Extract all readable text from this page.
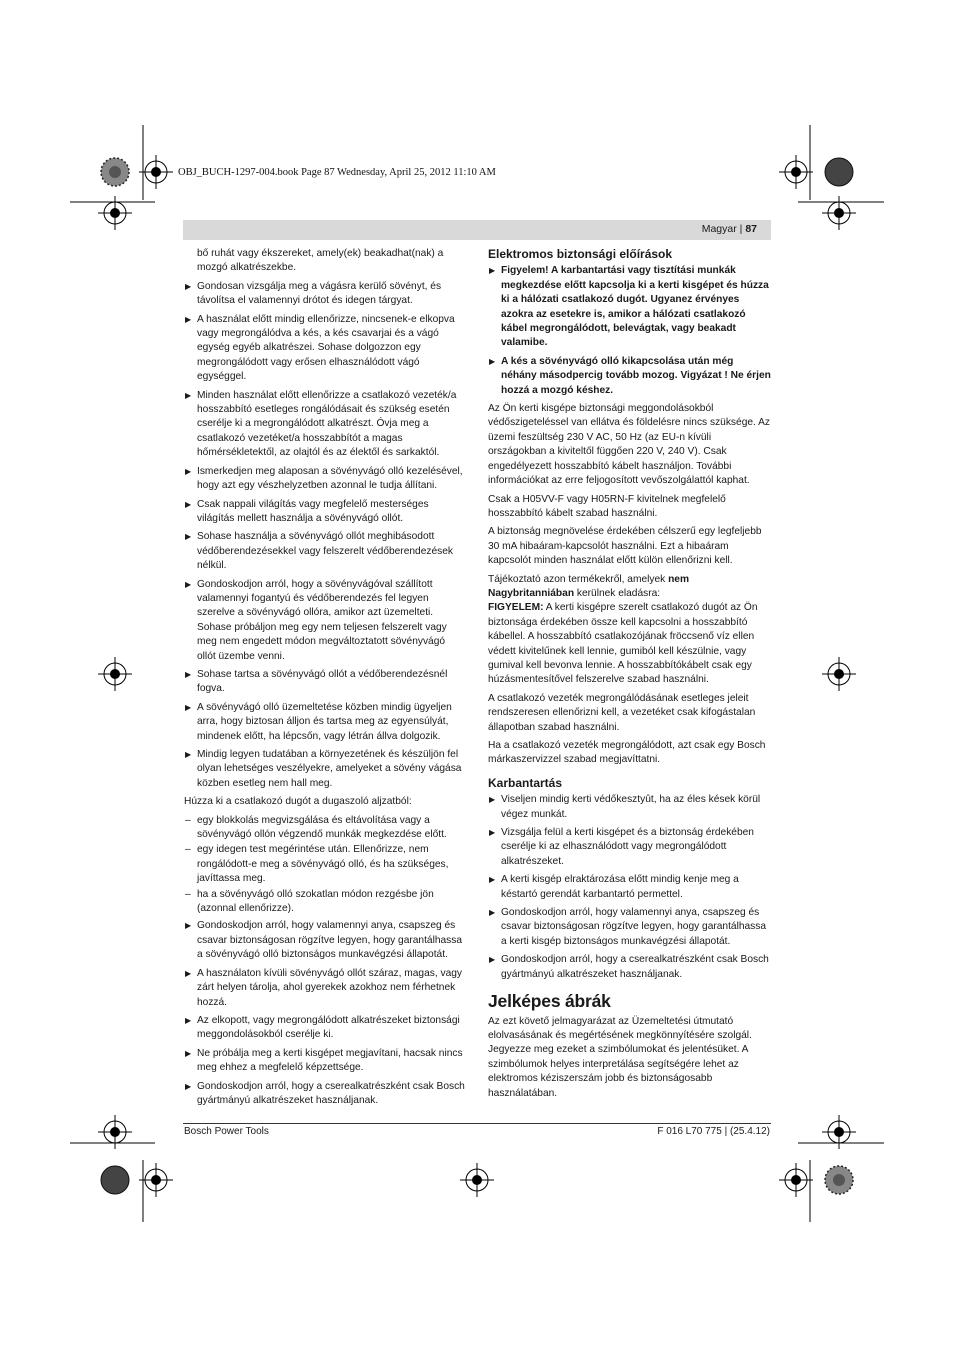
OBJ_BUCH-1297-004.book Page 87 Wednesday, April 25, 2012 11:10 AM
Magyar | 87

bő ruhát vagy ékszereket, amely(ek) beakadhat(nak) a mozgó alkatrészekbe.

▶ Gondosan vizsgálja meg a vágásra kerülő sövényt, és távolítsa el valamennyi drótot és idegen tárgyat.
▶ A használat előtt mindig ellenőrizze, nincsenek-e elkopva vagy megrongálódva a kés, a kés csavarjai és a vágó egység egyéb alkatrészei. Sohase dolgozzon egy megrongálódott vagy erősen elhasználódott vágó egységgel.
▶ Minden használat előtt ellenőrizze a csatlakozó vezeték/a hosszabbító esetleges rongálódásait és szükség esetén cserélje ki a megrongálódott alkatrészt. Óvja meg a csatlakozó vezetéket/a hosszabbítót a magas hőmérsékletektől, az olajtól és az élektől és sarkaktól.
▶ Ismerkedjen meg alaposan a sövényvágó olló kezelésével, hogy azt egy vészhelyzetben azonnal le tudja állítani.
▶ Csak nappali világítás vagy megfelelő mesterséges világítás mellett használja a sövényvágó ollót.
▶ Sohase használja a sövényvágó ollót meghibásodott védőberendezésekkel vagy felszerelt védőberendezések nélkül.
▶ Gondoskodjon arról, hogy a sövényvágóval szállított valamennyi fogantyú és védőberendezés fel legyen szerelve a sövényvágó ollóra, amikor azt üzemelteti. Sohase próbáljon meg egy nem teljesen felszerelt vagy meg nem engedett módon megváltoztatott sövényvágó ollót üzembe venni.
▶ Sohase tartsa a sövényvágó ollót a védőberendezésnél fogva.
▶ A sövényvágó olló üzemeltetése közben mindig ügyeljen arra, hogy biztosan álljon és tartsa meg az egyensúlyát, mindenek előtt, ha lépcsőn, vagy létrán állva dolgozik.
▶ Mindig legyen tudatában a környezetének és készüljön fel olyan lehetséges veszélyekre, amelyeket a sövény vágása közben esetleg nem hall meg.

Húzza ki a csatlakozó dugót a dugaszoló aljzatból:

– egy blokkolás megvizsgálása és eltávolítása vagy a sövényvágó ollón végzendő munkák megkezdése előtt.
– egy idegen test megérintése után. Ellenőrizze, nem rongálódott-e meg a sövényvágó olló, és ha szükséges, javíttassa meg.
– ha a sövényvágó olló szokatlan módon rezgésbe jön (azonnal ellenőrizze).
▶ Gondoskodjon arról, hogy valamennyi anya, csapszeg és csavar biztonságosan rögzítve legyen, hogy garantálhassa a sövényvágó olló biztonságos munkavégzési állapotát.
▶ A használaton kívüli sövényvágó ollót száraz, magas, vagy zárt helyen tárolja, ahol gyerekek azokhoz nem férhetnek hozzá.
▶ Az elkopott, vagy megrongálódott alkatrészeket biztonsági meggondolásokból cserélje ki.
▶ Ne próbálja meg a kerti kisgépet megjavítani, hacsak nincs meg ehhez a megfelelő képzettsége.
▶ Gondoskodjon arról, hogy a cserealkatrészként csak Bosch gyártmányú alkatrészeket használjanak.
Elektromos biztonsági előírások
▶ Figyelem! A karbantartási vagy tisztítási munkák megkezdése előtt kapcsolja ki a kerti kisgépet és húzza ki a hálózati csatlakozó dugót. Ugyanez érvényes azokra az esetekre is, amikor a hálózati csatlakozó kábel megrongálódott, belevágtak, vagy beakadt valamibe.
▶ A kés a sövényvágó olló kikapcsolása után még néhány másodpercig tovább mozog. Vigyázat ! Ne érjen hozzá a mozgó késhez.

Az Ön kerti kisgépe biztonsági meggondolásokból védőszigeteléssel van ellátva és földelésre nincs szüksége. Az üzemi feszültség 230 V AC, 50 Hz (az EU-n kívüli országokban a kiviteltől függően 220 V, 240 V). Csak engedélyezett hosszabbító kábelt használjon. További információkat az erre feljogosított vevőszolgálattól kaphat.

Csak a H05VV-F vagy H05RN-F kivitelnek megfelelő hosszabbító kábelt szabad használni.

A biztonság megnövelése érdekében célszerű egy legfeljebb 30 mA hibaáram-kapcsolót használni. Ezt a hibaáram kapcsolót minden használat előtt külön ellenőrizni kell.

Tájékoztató azon termékekről, amelyek nem Nagybritanniában kerülnek eladásra:

FIGYELEM: A kerti kisgépre szerelt csatlakozó dugót az Ön biztonsága érdekében össze kell kapcsolni a hosszabbító kábellel. A hosszabbító csatlakozójának fröccsenő víz ellen védett kivitelűnek kell lennie, gumiból kell készülnie, vagy gumival kell bevonva lennie. A hosszabbítókábelt csak egy húzásmentesítővel felszerelve szabad használni.

A csatlakozó vezeték megrongálódásának esetleges jeleit rendszeresen ellenőrizni kell, a vezetéket csak kifogástalan állapotban szabad használni.

Ha a csatlakozó vezeték megrongálódott, azt csak egy Bosch márkaszervizzel szabad megjavíttatni.

Karbantartás
▶ Viseljen mindig kerti védőkesztyût, ha az éles kések körül végez munkát.
▶ Vizsgálja felül a kerti kisgépet és a biztonság érdekében cserélje ki az elhasználódott vagy megrongálódott alkatrészeket.
▶ A kerti kisgép elraktározása előtt mindig kenje meg a késtartó gerendát karbantartó permettel.
▶ Gondoskodjon arról, hogy valamennyi anya, csapszeg és csavar biztonságosan rögzítve legyen, hogy garantálhassa a kerti kisgép biztonságos munkavégzési állapotát.
▶ Gondoskodjon arról, hogy a cserealkatrészként csak Bosch gyártmányú alkatrészeket használjanak.
Jelképes ábrák

Az ezt követő jelmagyarázat az Üzemeltetési útmutató elolvasásának és megértésének megkönnyítésére szolgál. Jegyezze meg ezeket a szimbólumokat és jelentésüket. A szimbólumok helyes interpretálása segítségére lehet az elektromos kéziszerszám jobb és biztonságosabb használatában.

Bosch Power Tools	F 016 L70 775 | (25.4.12)
